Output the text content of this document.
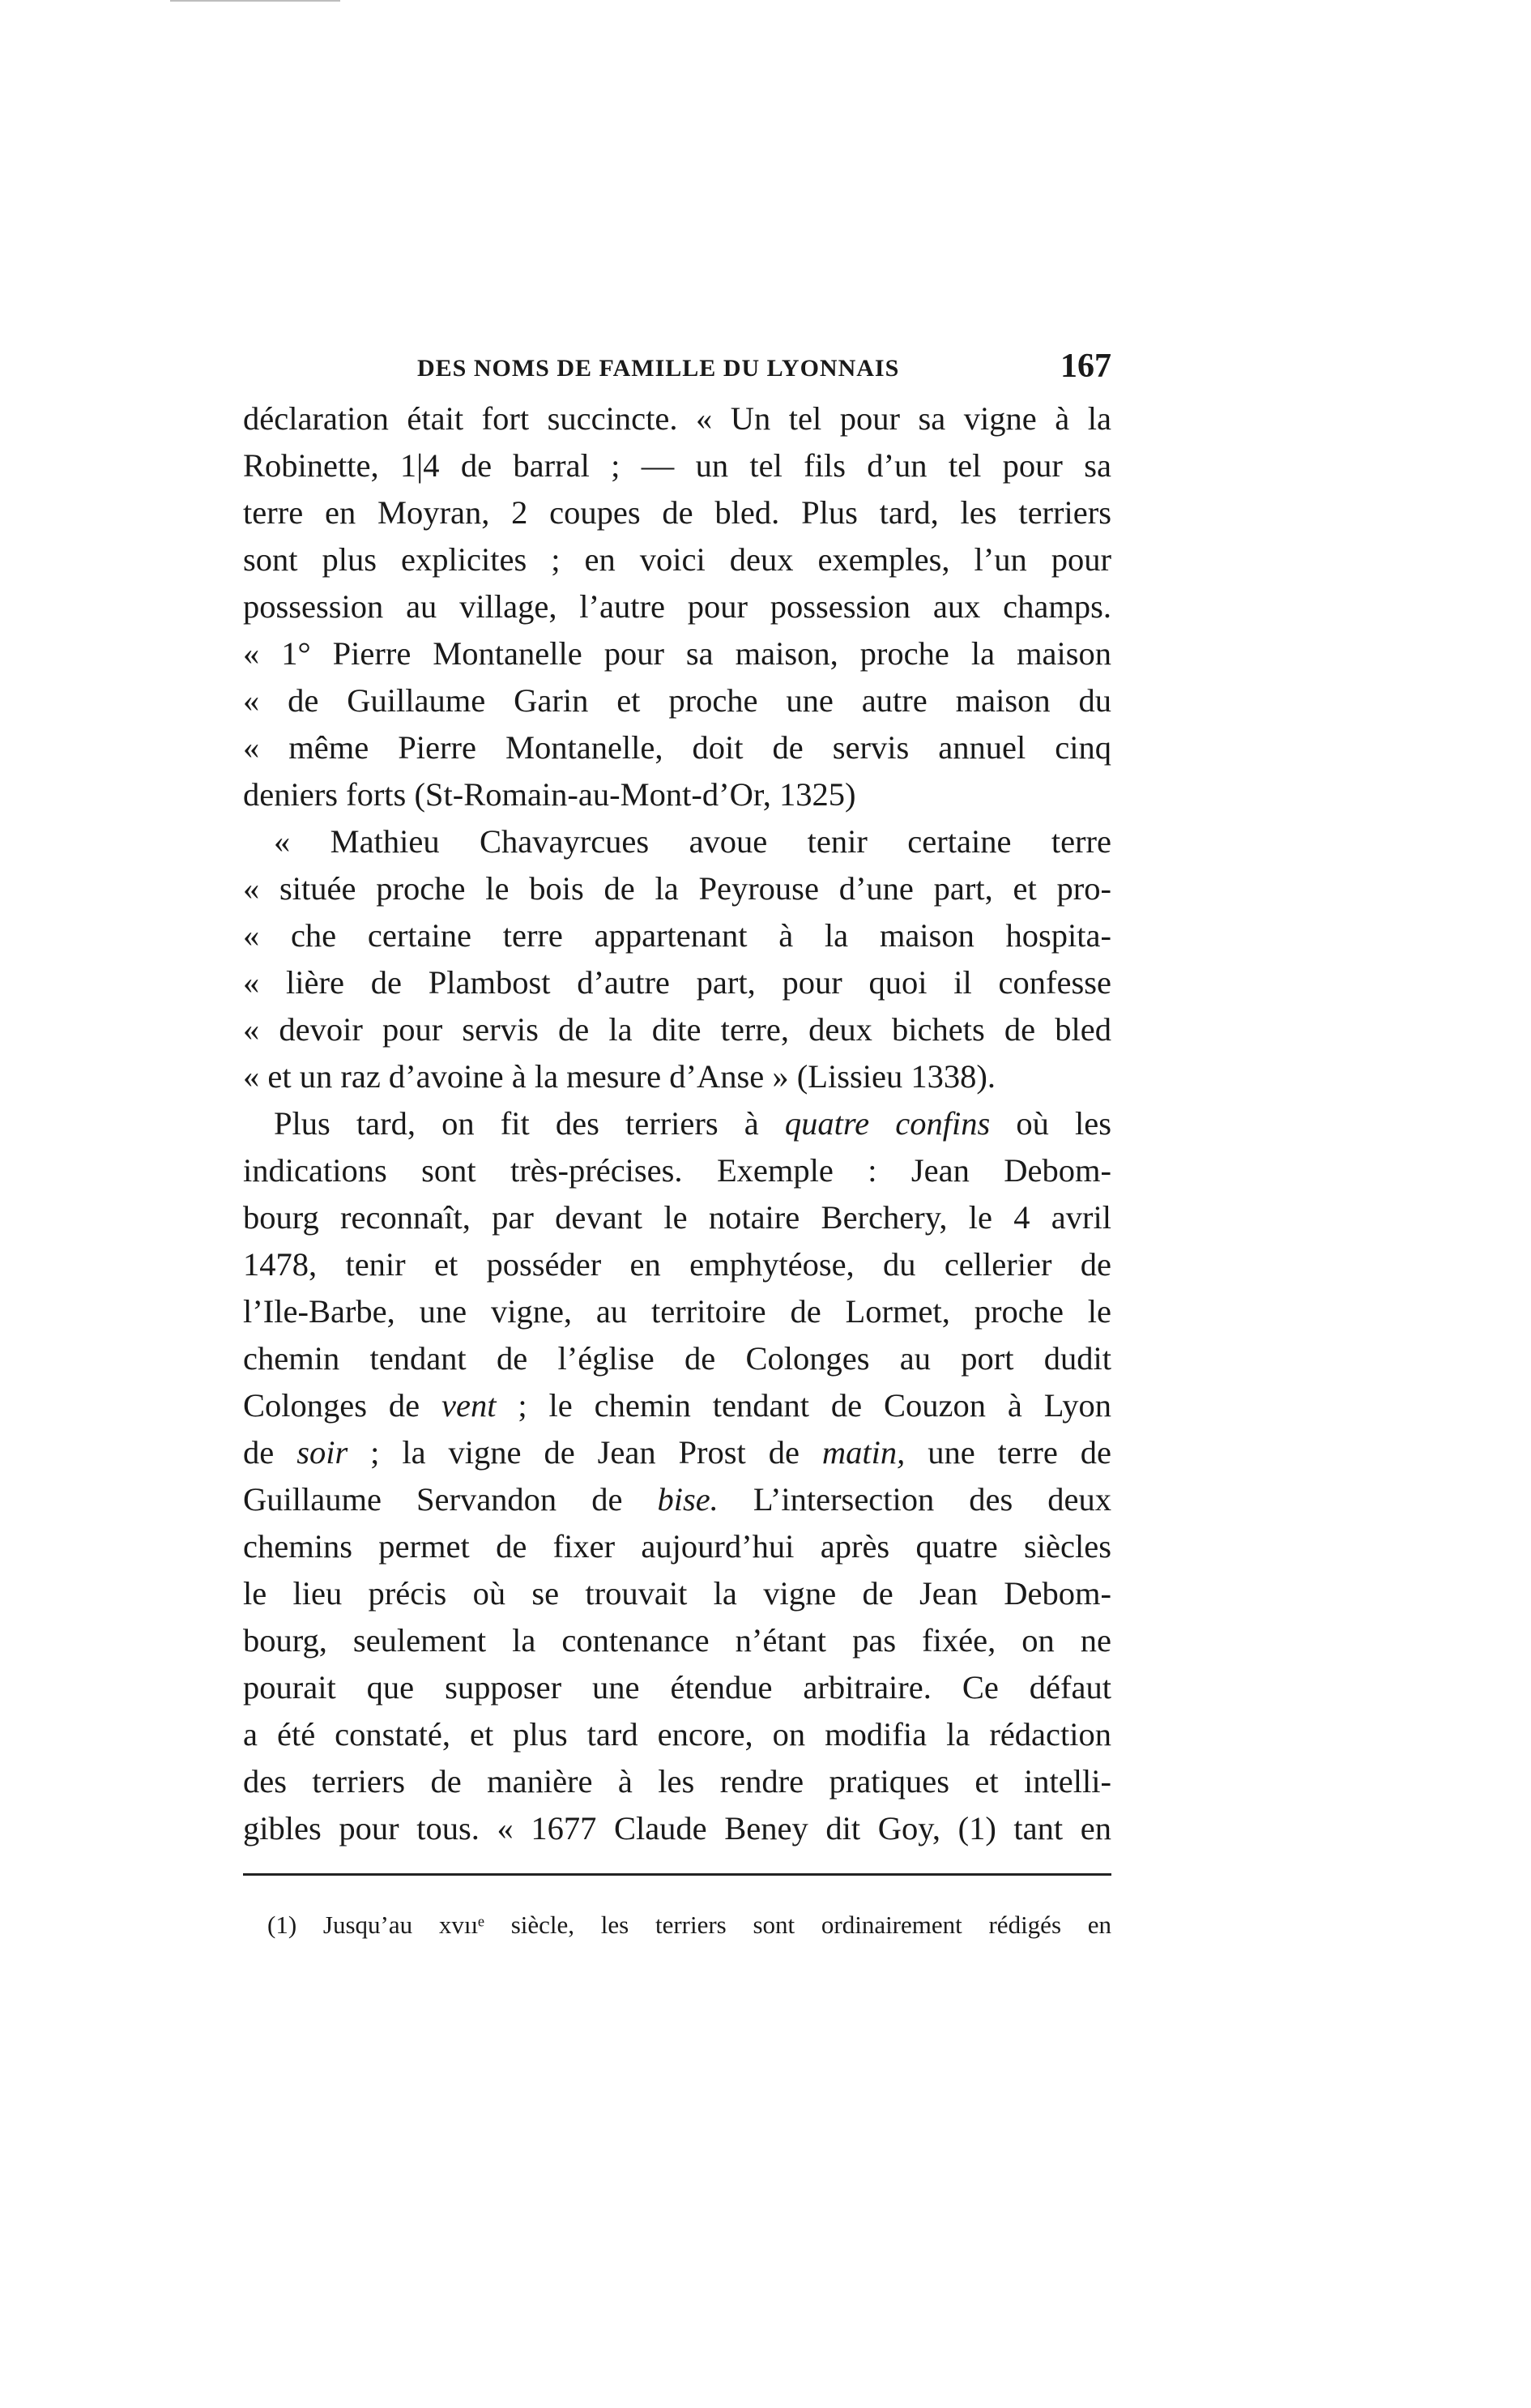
DES NOMS DE FAMILLE DU LYONNAIS	167
déclaration était fort succincte. « Un tel pour sa vigne à la
Robinette, 1|4 de barral ; — un tel fils d’un tel pour sa
terre en Moyran, 2 coupes de bled. Plus tard, les terriers
sont plus explicites ; en voici deux exemples, l’un pour
possession au village, l’autre pour possession aux champs.
« 1° Pierre Montanelle pour sa maison, proche la maison
« de Guillaume Garin et proche une autre maison du
« même Pierre Montanelle, doit de servis annuel cinq
deniers forts (St-Romain-au-Mont-d’Or, 1325)
« Mathieu Chavayrcues avoue tenir certaine terre
« située proche le bois de la Peyrouse d’une part, et pro-
« che certaine terre appartenant à la maison hospita-
« lière de Plambost d’autre part, pour quoi il confesse
« devoir pour servis de la dite terre, deux bichets de bled
« et un raz d’avoine à la mesure d’Anse » (Lissieu 1338).
Plus tard, on fit des terriers à quatre confins où les
indications sont très-précises. Exemple : Jean Debom-
bourg reconnaît, par devant le notaire Berchery, le 4 avril
1478, tenir et posséder en emphytéose, du cellerier de
l’Ile-Barbe, une vigne, au territoire de Lormet, proche le
chemin tendant de l’église de Colonges au port dudit
Colonges de vent ; le chemin tendant de Couzon à Lyon
de soir ; la vigne de Jean Prost de matin, une terre de
Guillaume Servandon de bise. L’intersection des deux
chemins permet de fixer aujourd’hui après quatre siècles
le lieu précis où se trouvait la vigne de Jean Debom-
bourg, seulement la contenance n’étant pas fixée, on ne
pourait que supposer une étendue arbitraire. Ce défaut
a été constaté, et plus tard encore, on modifia la rédaction
des terriers de manière à les rendre pratiques et intelli-
gibles pour tous. « 1677 Claude Beney dit Goy, (1) tant en
(1) Jusqu’au xvııᵉ siècle, les terriers sont ordinairement rédigés en
